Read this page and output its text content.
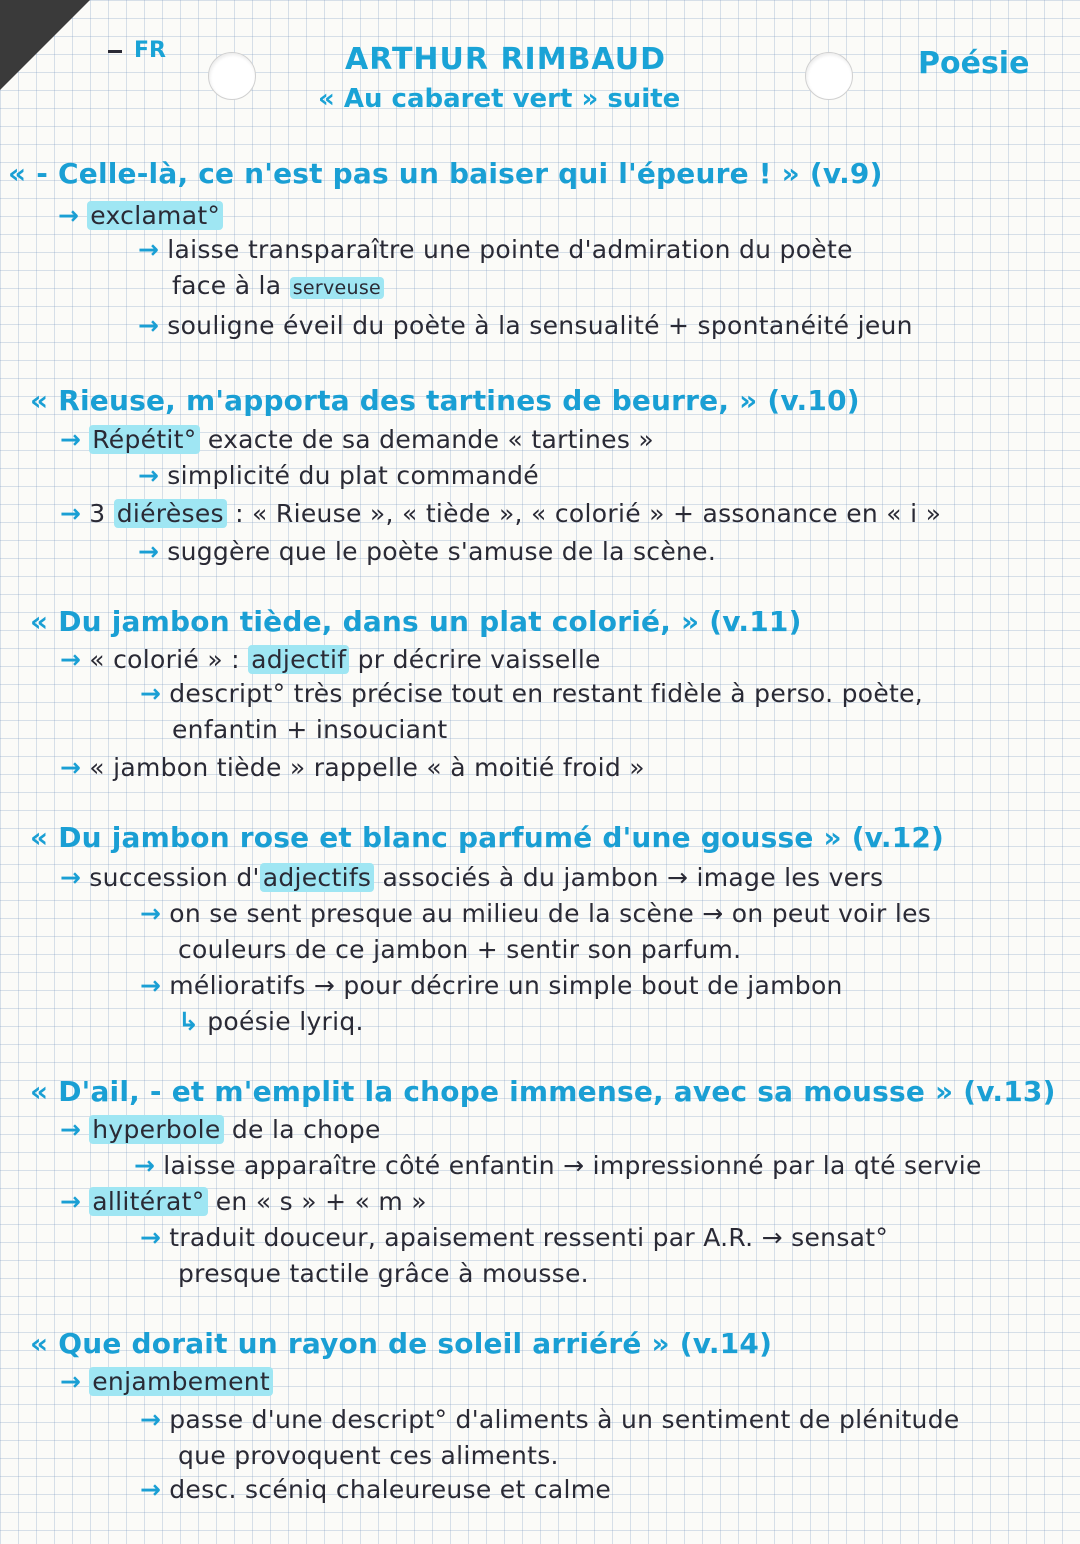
FR	ARTHUR RIMBAUD
« Au cabaret vert » suite
Poésie
« - Celle-là, ce n'est pas un baiser qui l'épeure ! » (v.9)
→ exclamat°
→ laisse transparaître une pointe d'admiration du poète
face à la serveuse
→ souligne éveil du poète à la sensualité + spontanéité jeun
« Rieuse, m'apporta des tartines de beurre, » (v.10)
→ Répétit° exacte de sa demande « tartines »
→ simplicité du plat commandé
→ 3 diérèses : « Rieuse », « tiède », « colorié » + assonance en « i »
→ suggère que le poète s'amuse de la scène.
« Du jambon tiède, dans un plat colorié, » (v.11)
→ « colorié » : adjectif pr décrire vaisselle
→ descript° très précise tout en restant fidèle à perso. poète,
enfantin + insouciant
→ « jambon tiède » rappelle « à moitié froid »
« Du jambon rose et blanc parfumé d'une gousse » (v.12)
→ succession d' adjectifs associés à du jambon → image les vers
→ on se sent presque au milieu de la scène → on peut voir les
couleurs de ce jambon + sentir son parfum.
→ mélioratifs → pour décrire un simple bout de jambon
↳ poésie lyriq.
« D'ail, - et m'emplit la chope immense, avec sa mousse » (v.13)
→ hyperbole de la chope
→ laisse apparaître côté enfantin → impressionné par la qté servie
→ allitérat° en « s » + « m »
→ traduit douceur, apaisement ressenti par A.R. → sensat°
presque tactile grâce à mousse.
« Que dorait un rayon de soleil arriéré » (v.14)
→ enjambement
→ passe d'une descript° d'aliments à un sentiment de plénitude
que provoquent ces aliments.
→ desc. scéniq chaleureuse et calme
